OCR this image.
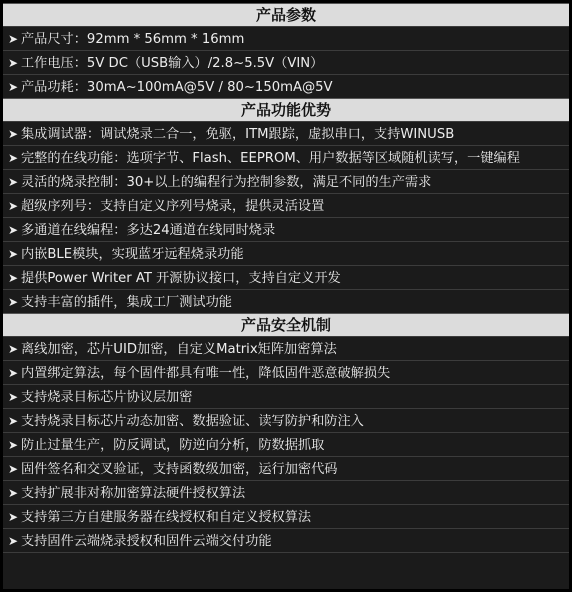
产品参数
➤ 产品尺寸：92mm * 56mm * 16mm
➤ 工作电压：5V DC（USB输入）/2.8~5.5V（VIN）
➤ 产品功耗：30mA~100mA@5V / 80~150mA@5V
产品功能优势
➤ 集成调试器：调试烧录二合一，免驱，ITM跟踪，虚拟串口，支持WINUSB
➤ 完整的在线功能：选项字节、Flash、EEPROM、用户数据等区域随机读写，一键编程
➤ 灵活的烧录控制：30+以上的编程行为控制参数，满足不同的生产需求
➤ 超级序列号：支持自定义序列号烧录，提供灵活设置
➤ 多通道在线编程：多达24通道在线同时烧录
➤ 内嵌BLE模块，实现蓝牙远程烧录功能
➤ 提供Power Writer AT 开源协议接口，支持自定义开发
➤ 支持丰富的插件，集成工厂测试功能
产品安全机制
➤ 离线加密，芯片UID加密，自定义Matrix矩阵加密算法
➤ 内置绑定算法，每个固件都具有唯一性，降低固件恶意破解损失
➤ 支持烧录目标芯片协议层加密
➤ 支持烧录目标芯片动态加密、数据验证、读写防护和防注入
➤ 防止过量生产，防反调试，防逆向分析，防数据抓取
➤ 固件签名和交叉验证，支持函数级加密，运行加密代码
➤ 支持扩展非对称加密算法硬件授权算法
➤ 支持第三方自建服务器在线授权和自定义授权算法
➤ 支持固件云端烧录授权和固件云端交付功能
